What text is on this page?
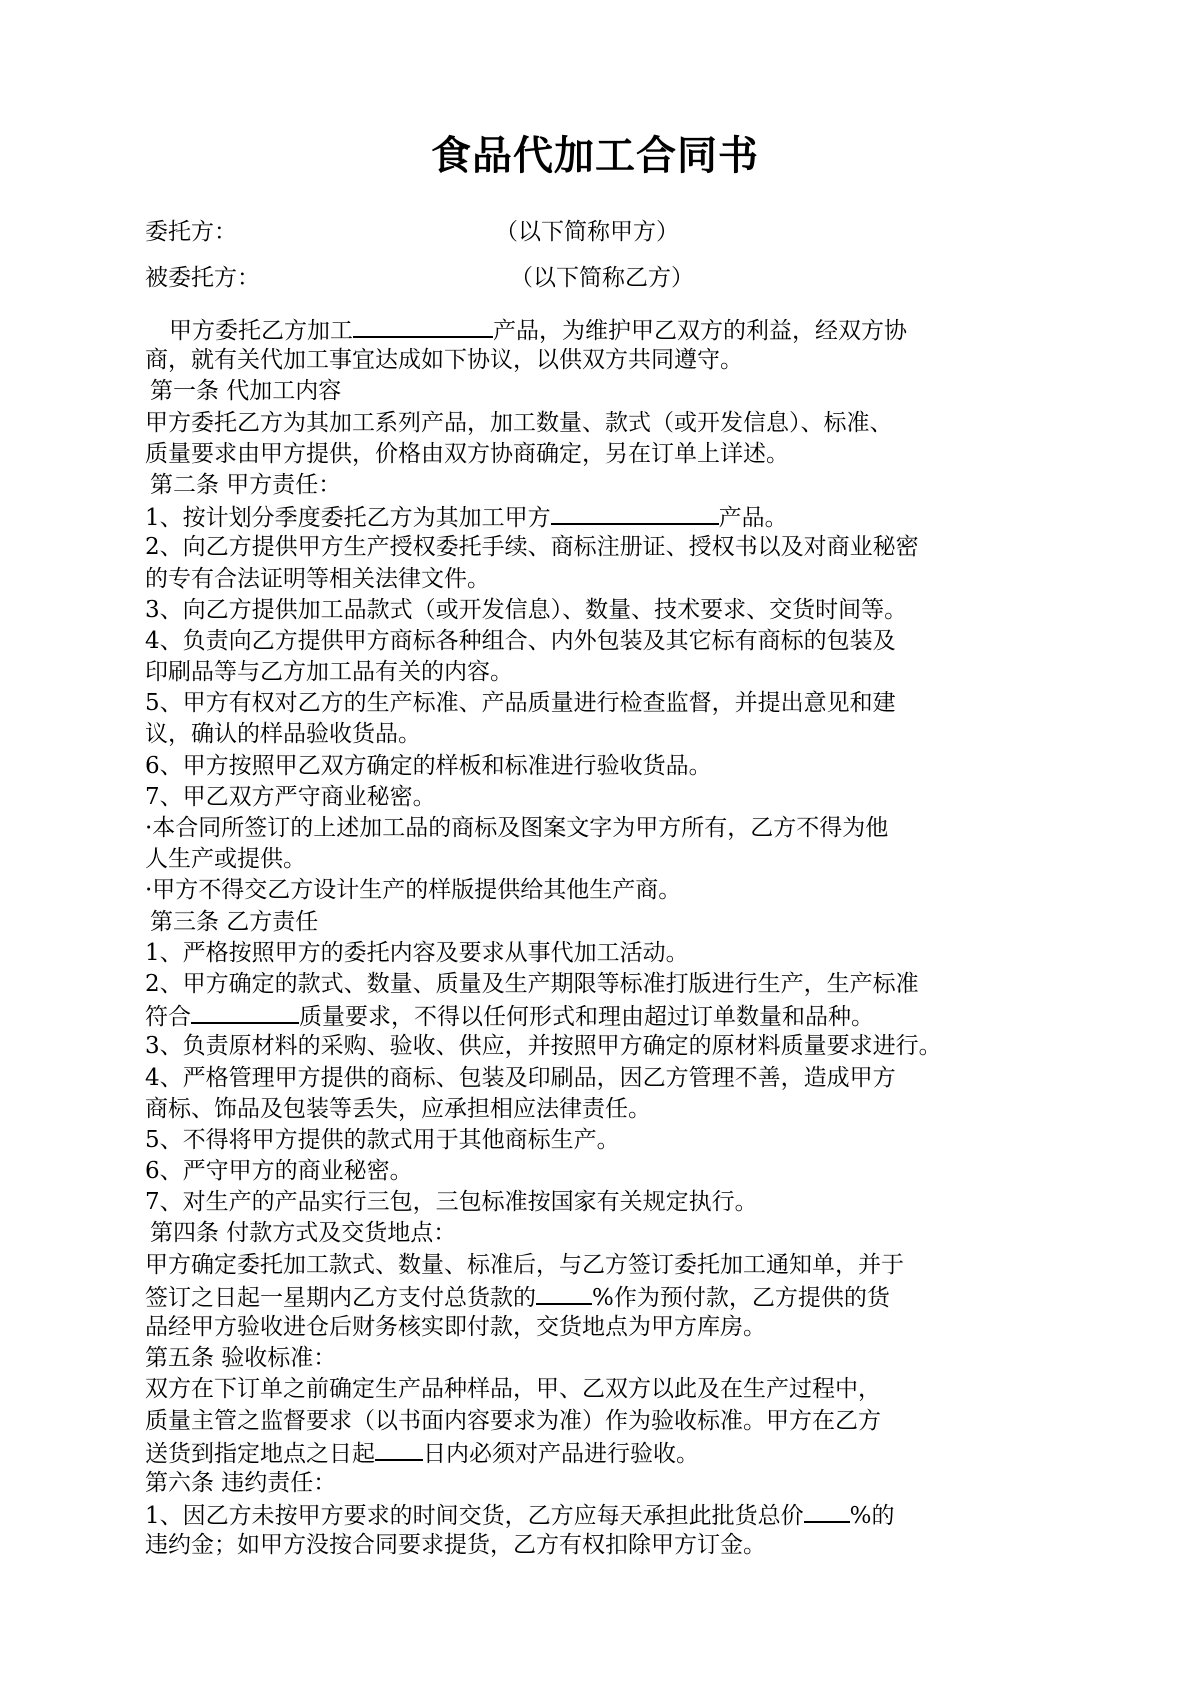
食品代加工合同书
委托方：	（以下简称甲方）
被委托方：	（以下简称乙方）
甲方委托乙方加工	产品，为维护甲乙双方的利益，经双方协
商，就有关代加工事宜达成如下协议，以供双方共同遵守。
第一条 代加工内容
甲方委托乙方为其加工系列产品，加工数量、款式（或开发信息）、标准、
质量要求由甲方提供，价格由双方协商确定，另在订单上详述。
第二条 甲方责任：
1、按计划分季度委托乙方为其加工甲方	产品。
2、向乙方提供甲方生产授权委托手续、商标注册证、授权书以及对商业秘密
的专有合法证明等相关法律文件。
3、向乙方提供加工品款式（或开发信息）、数量、技术要求、交货时间等。
4、负责向乙方提供甲方商标各种组合、内外包装及其它标有商标的包装及
印刷品等与乙方加工品有关的内容。
5、甲方有权对乙方的生产标准、产品质量进行检查监督，并提出意见和建
议，确认的样品验收货品。
6、甲方按照甲乙双方确定的样板和标准进行验收货品。
7、甲乙双方严守商业秘密。
·本合同所签订的上述加工品的商标及图案文字为甲方所有，乙方不得为他
人生产或提供。
·甲方不得交乙方设计生产的样版提供给其他生产商。
第三条 乙方责任
1、严格按照甲方的委托内容及要求从事代加工活动。
2、甲方确定的款式、数量、质量及生产期限等标准打版进行生产，生产标准
符合	质量要求，不得以任何形式和理由超过订单数量和品种。
3、负责原材料的采购、验收、供应，并按照甲方确定的原材料质量要求进行。
4、严格管理甲方提供的商标、包装及印刷品，因乙方管理不善，造成甲方
商标、饰品及包装等丢失，应承担相应法律责任。
5、不得将甲方提供的款式用于其他商标生产。
6、严守甲方的商业秘密。
7、对生产的产品实行三包，三包标准按国家有关规定执行。
第四条 付款方式及交货地点：
甲方确定委托加工款式、数量、标准后，与乙方签订委托加工通知单，并于
签订之日起一星期内乙方支付总货款的 %作为预付款，乙方提供的货
品经甲方验收进仓后财务核实即付款，交货地点为甲方库房。
第五条 验收标准：
双方在下订单之前确定生产品种样品，甲、乙双方以此及在生产过程中，
质量主管之监督要求（以书面内容要求为准）作为验收标准。甲方在乙方
送货到指定地点之日起 日内必须对产品进行验收。
第六条 违约责任：
1、因乙方未按甲方要求的时间交货，乙方应每天承担此批货总价 %的
违约金；如甲方没按合同要求提货，乙方有权扣除甲方订金。
